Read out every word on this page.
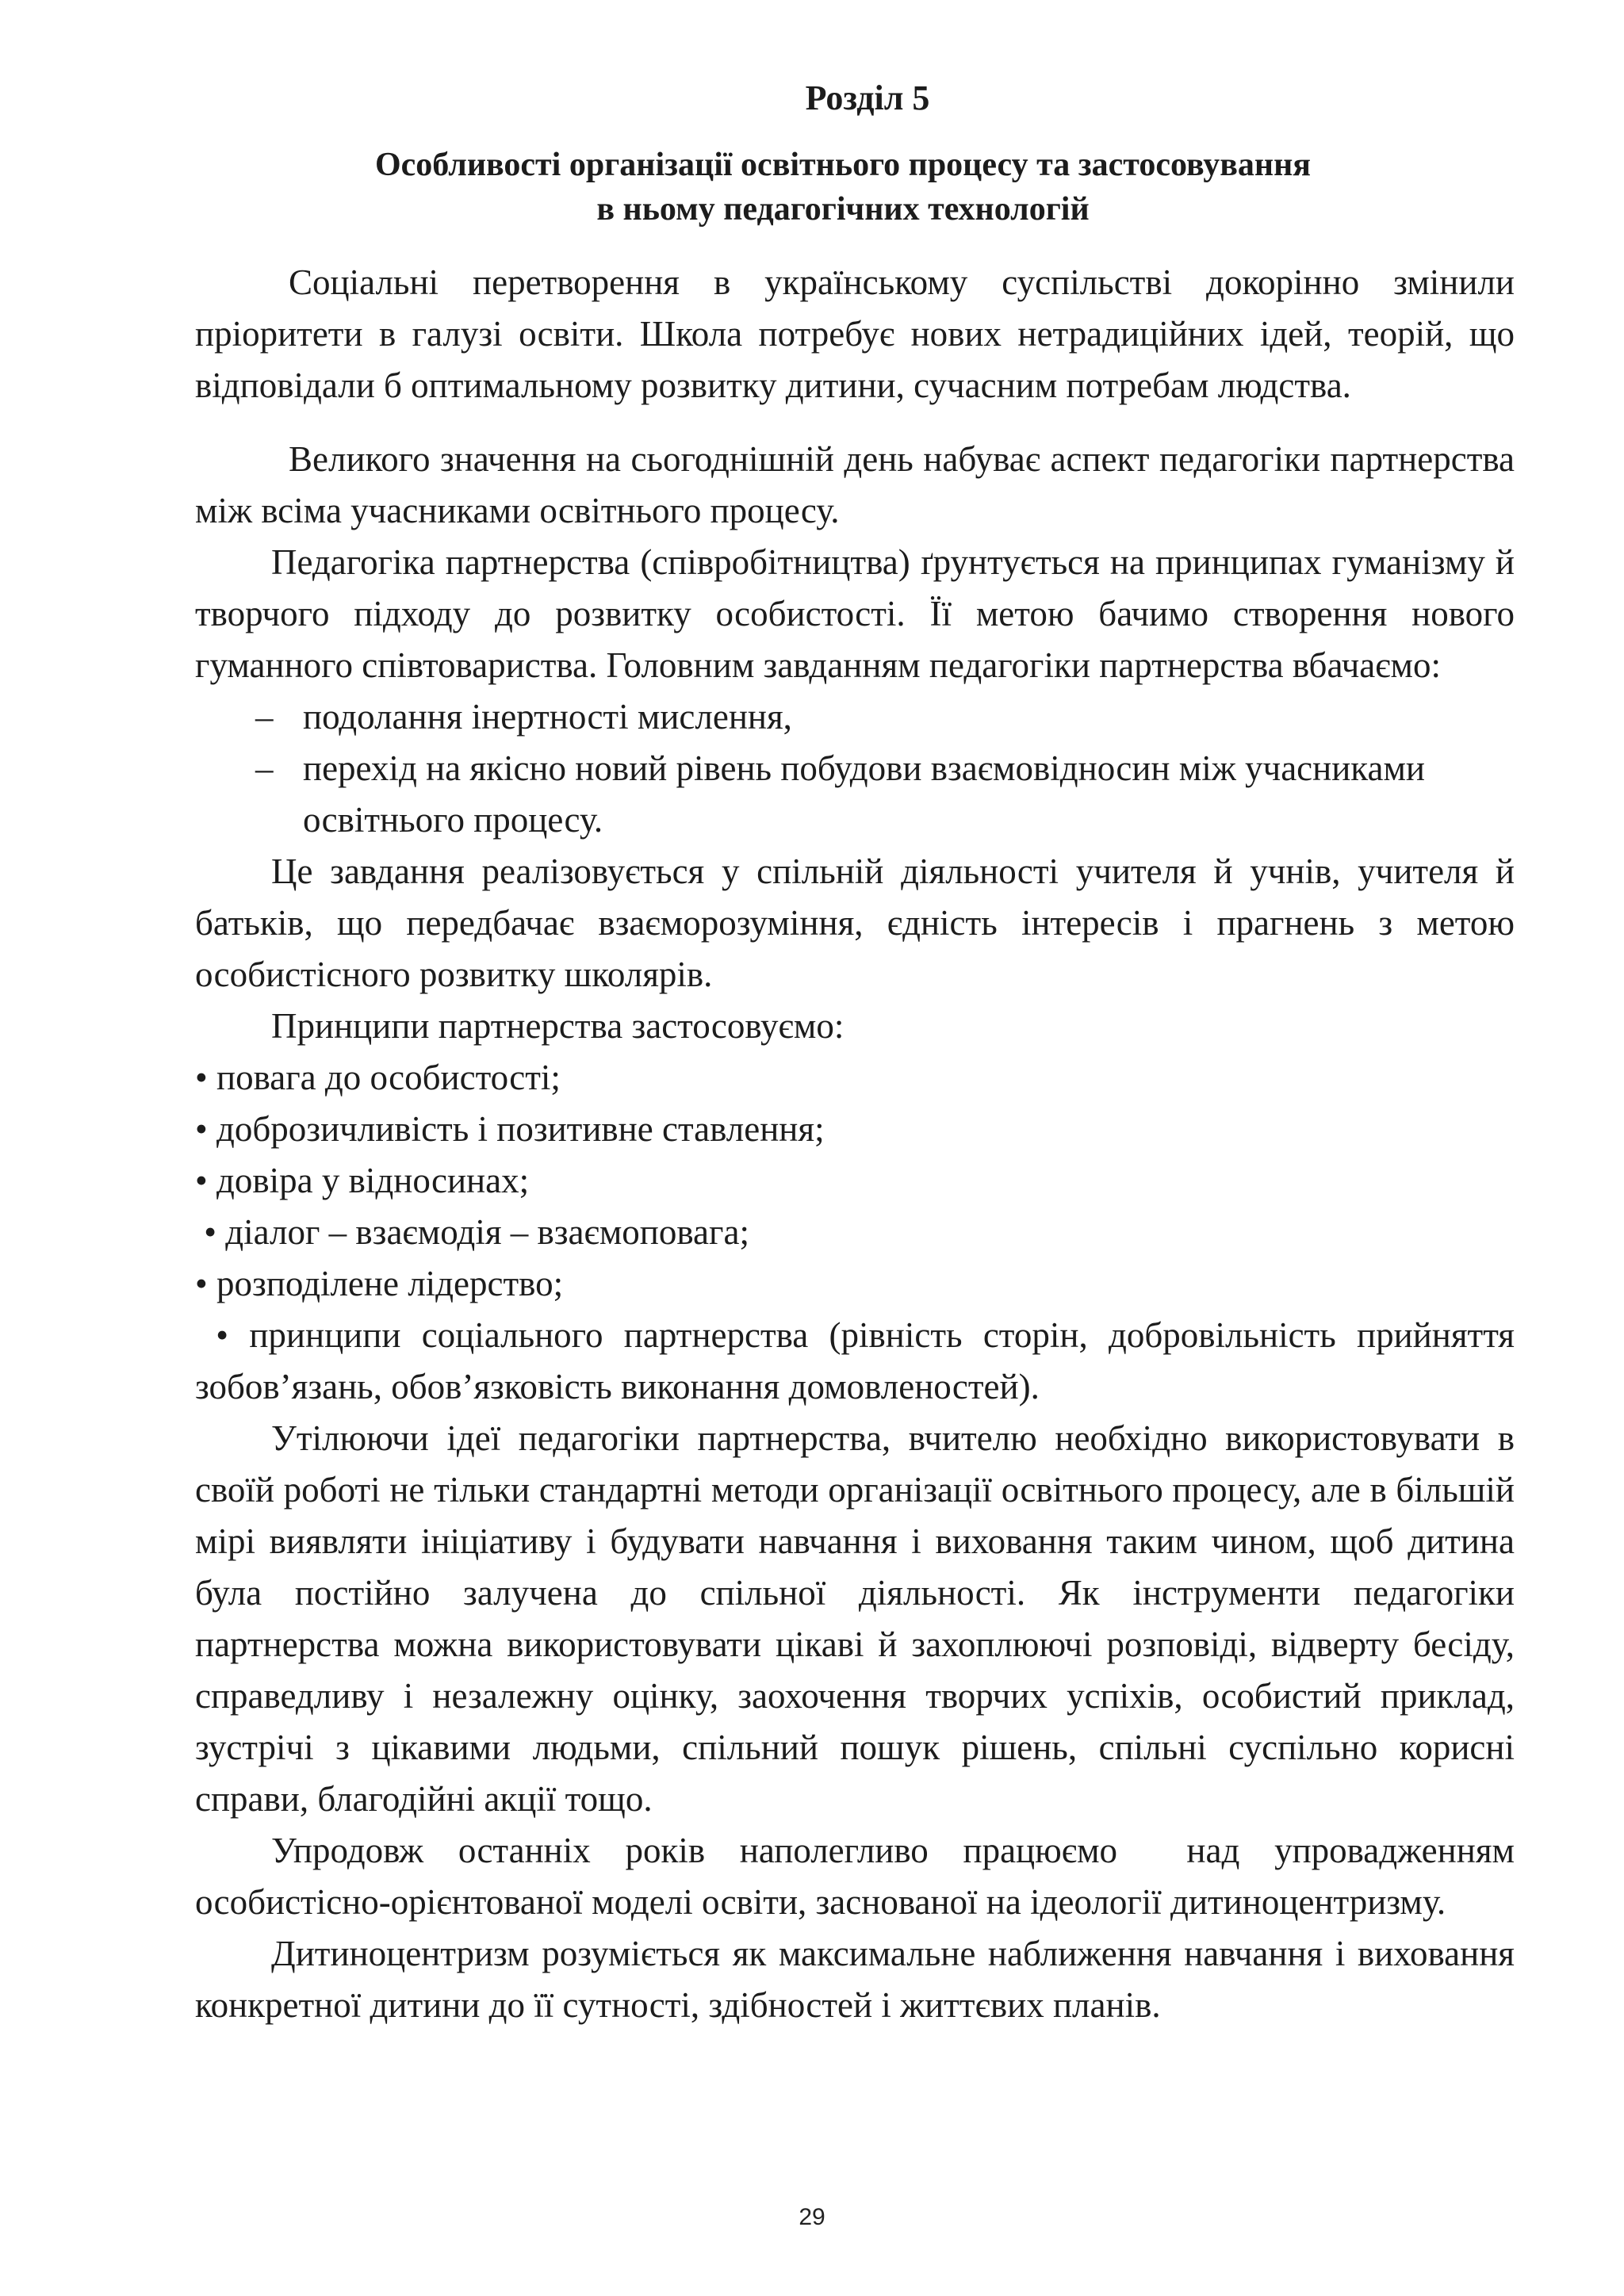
Розділ 5
Особливості організації освітнього процесу та застосовування
в ньому педагогічних технологій

Соціальні перетворення в українському суспільстві докорінно змінили пріоритети в галузі освіти. Школа потребує нових нетрадиційних ідей, теорій, що відповідали б оптимальному розвитку дитини, сучасним потребам людства.

Великого значення на сьогоднішній день набуває аспект педагогіки партнерства між всіма учасниками освітнього процесу.

Педагогіка партнерства (співробітництва) ґрунтується на принципах гуманізму й творчого підходу до розвитку особистості. Її метою бачимо створення нового гуманного співтовариства. Головним завданням педагогіки партнерства вбачаємо:

– подолання інертності мислення,

– перехід на якісно новий рівень побудови взаємовідносин між учасниками освітнього процесу.

Це завдання реалізовується у спільній діяльності учителя й учнів, учителя й батьків, що передбачає взаєморозуміння, єдність інтересів і прагнень з метою особистісного розвитку школярів.

Принципи партнерства застосовуємо:

• повага до особистості;

• доброзичливість і позитивне ставлення;

• довіра у відносинах;

• діалог – взаємодія – взаємоповага;

• розподілене лідерство;

• принципи соціального партнерства (рівність сторін, добровільність прийняття зобов’язань, обов’язковість виконання домовленостей).

Утілюючи ідеї педагогіки партнерства, вчителю необхідно використовувати в своїй роботі не тільки стандартні методи організації освітнього процесу, але в більшій мірі виявляти ініціативу і будувати навчання і виховання таким чином, щоб дитина була постійно залучена до спільної діяльності. Як інструменти педагогіки партнерства можна використовувати цікаві й захоплюючі розповіді, відверту бесіду, справедливу і незалежну оцінку, заохочення творчих успіхів, особистий приклад, зустрічі з цікавими людьми, спільний пошук рішень, спільні суспільно корисні справи, благодійні акції тощо.

Упродовж останніх років наполегливо працюємо  над упровадженням особистісно-орієнтованої моделі освіти, заснованої на ідеології дитиноцентризму.

Дитиноцентризм розуміється як максимальне наближення навчання і виховання конкретної дитини до її сутності, здібностей і життєвих планів.

29
